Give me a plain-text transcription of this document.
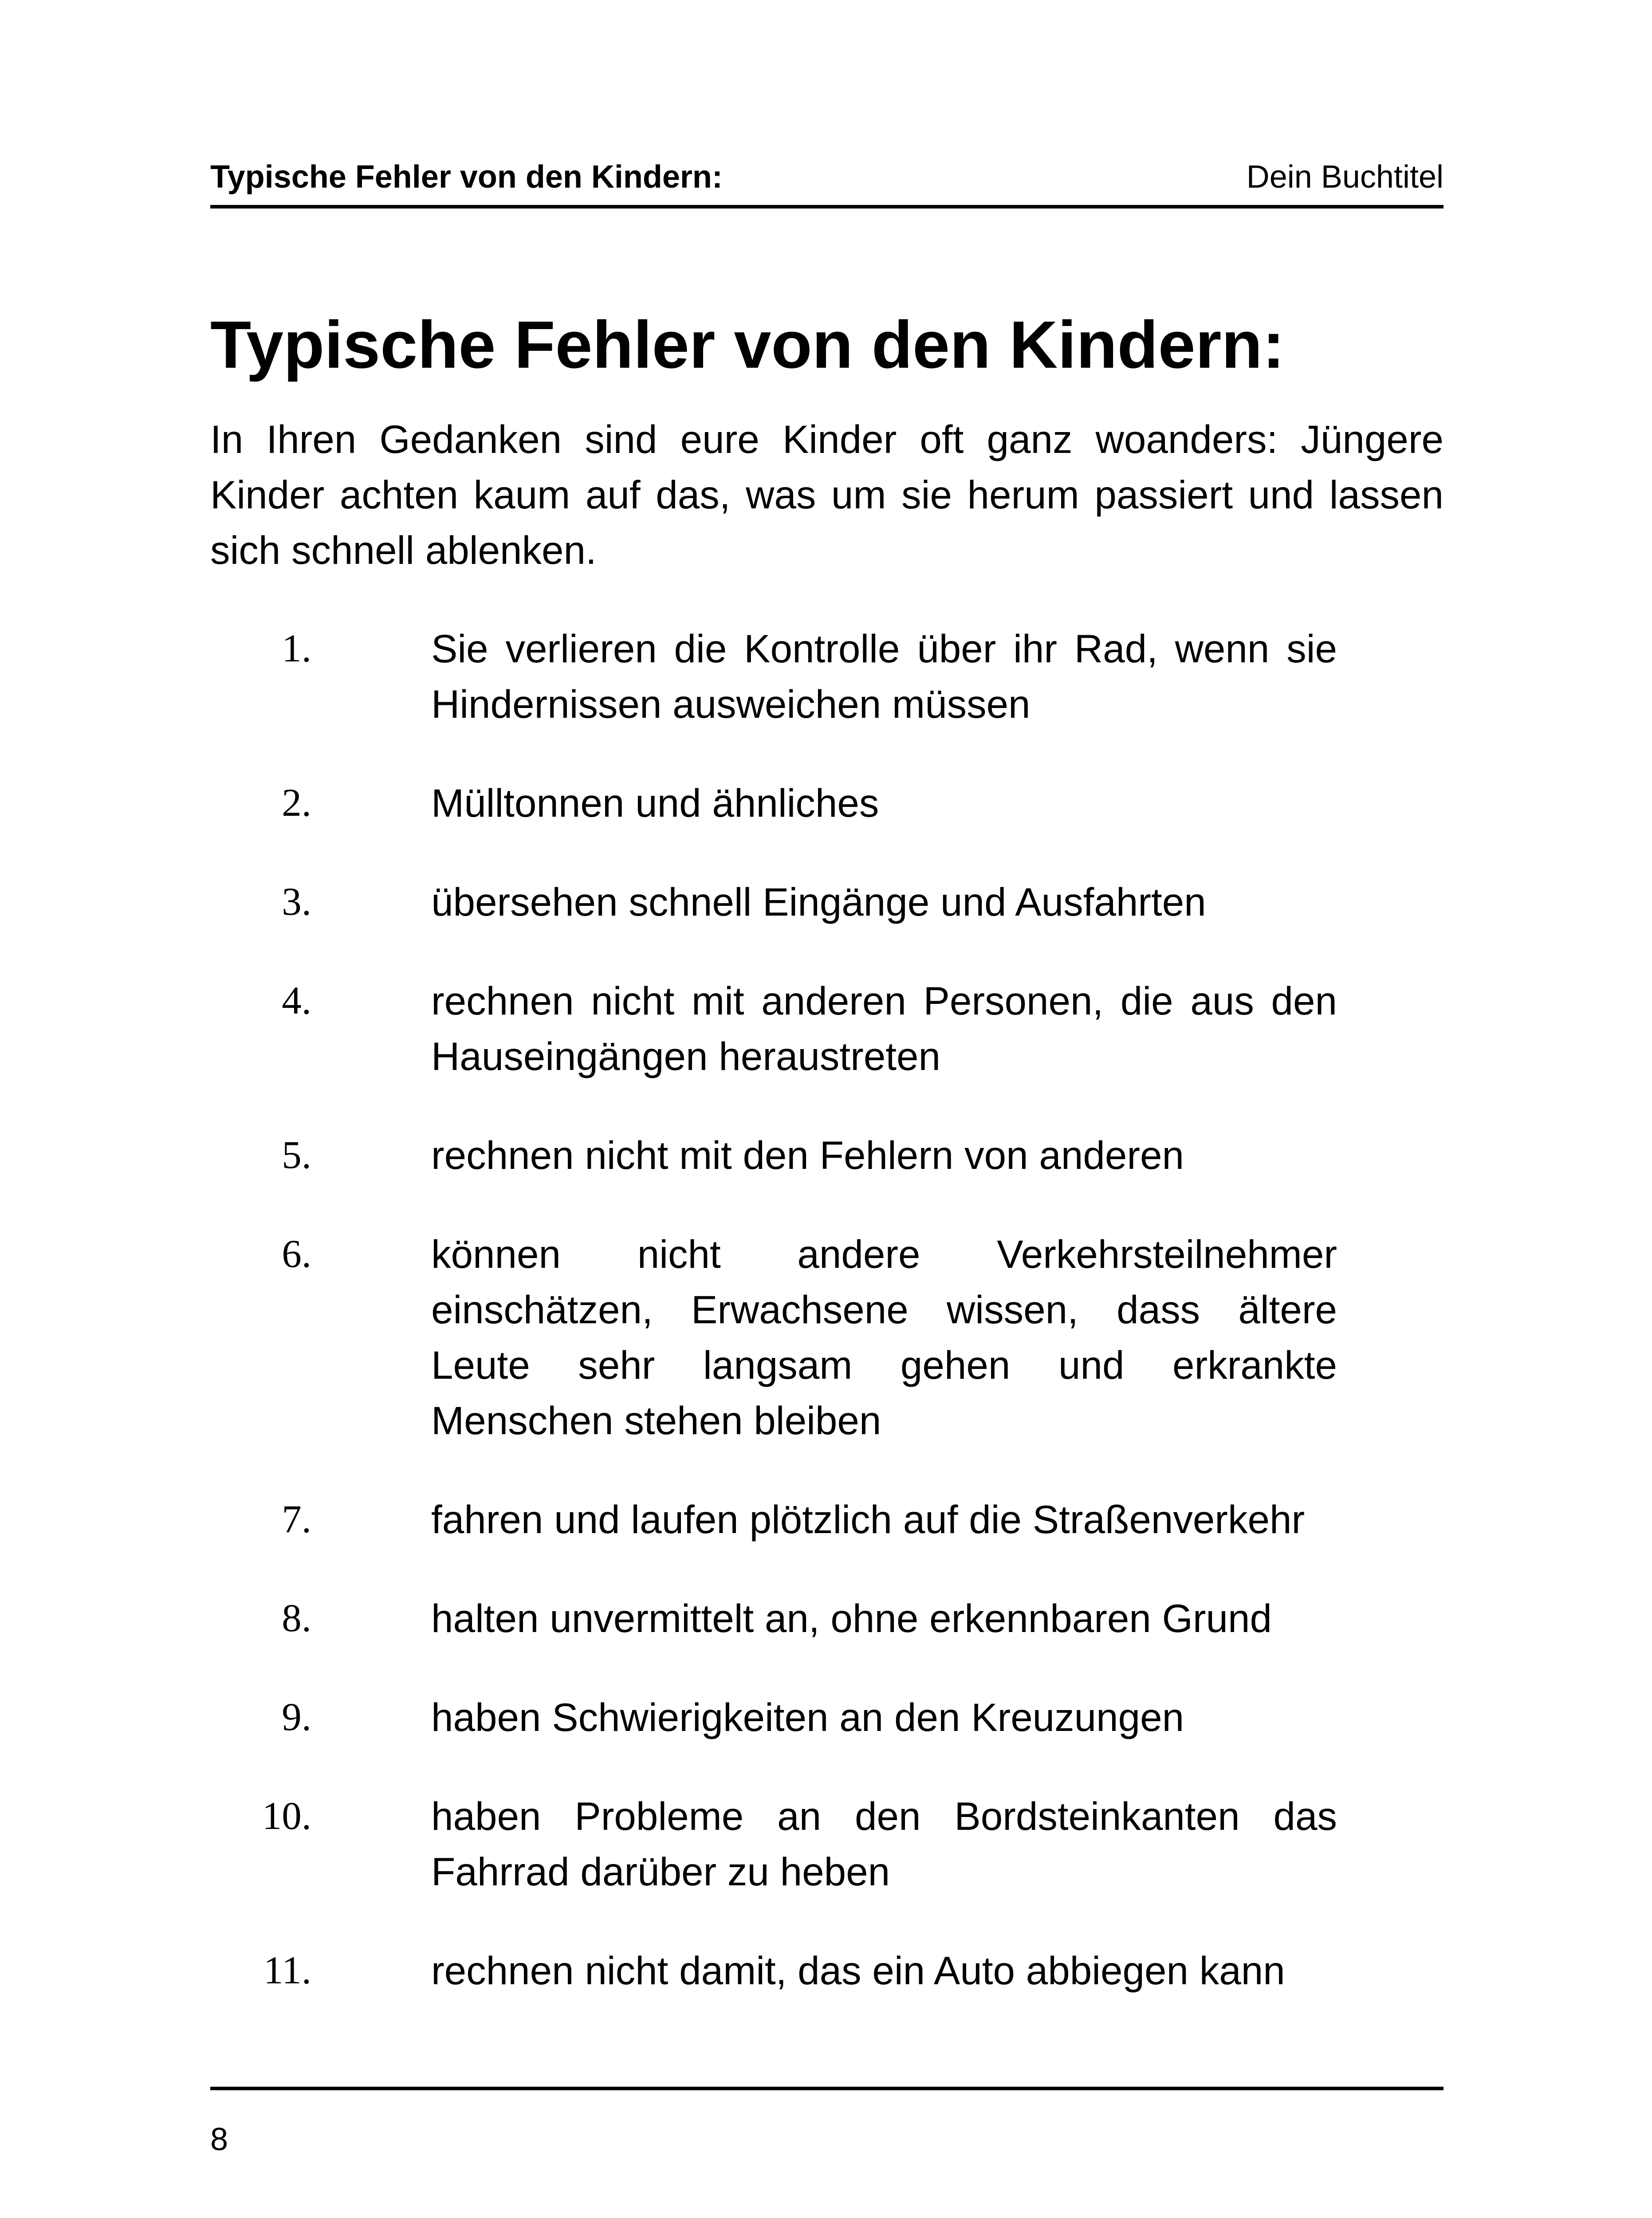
Typische Fehler von den Kindern:	Dein Buchtitel
Typische Fehler von den Kindern:

In Ihren Gedanken sind eure Kinder oft ganz woanders: Jüngere Kinder achten kaum auf das, was um sie herum passiert und lassen sich schnell ablenken.

1.	Sie verlieren die Kontrolle über ihr Rad, wenn sie Hindernissen ausweichen müssen
2.	Mülltonnen und ähnliches
3.	übersehen schnell Eingänge und Ausfahrten
4.	rechnen nicht mit anderen Personen, die aus den Hauseingängen heraustreten
5.	rechnen nicht mit den Fehlern von anderen
6.	können nicht andere Verkehrsteilnehmer einschätzen, Erwachsene wissen, dass ältere Leute sehr langsam gehen und erkrankte Menschen stehen bleiben
7.	fahren und laufen plötzlich auf die Straßenverkehr
8.	halten unvermittelt an, ohne erkennbaren Grund
9.	haben Schwierigkeiten an den Kreuzungen
10.	haben Probleme an den Bordsteinkanten das Fahrrad darüber zu heben
11.	rechnen nicht damit, das ein Auto abbiegen kann
8
